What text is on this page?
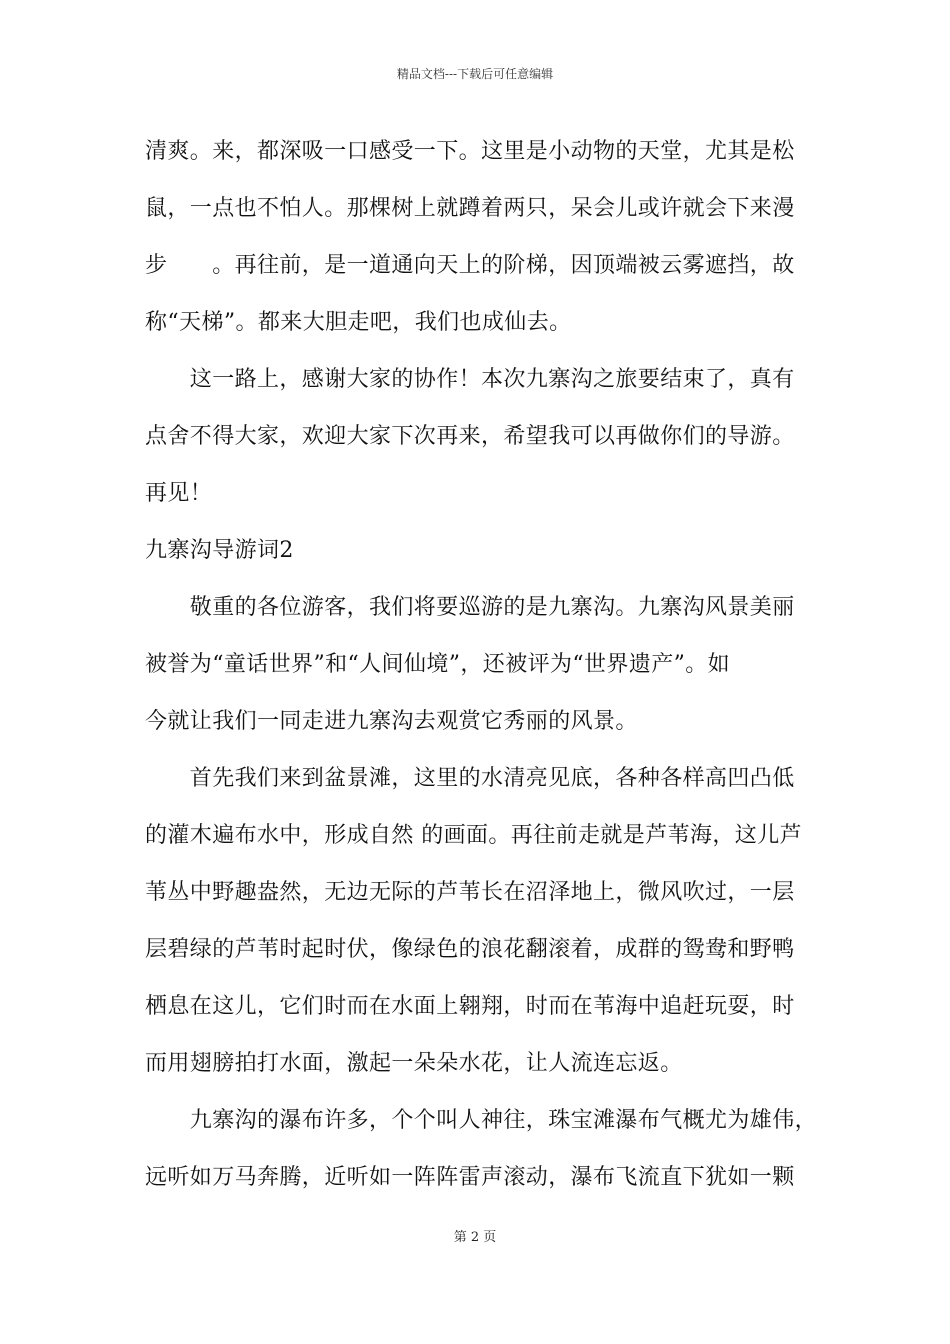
精品文档---下载后可任意编辑
清爽。来，都深吸一口感受一下。这里是小动物的天堂，尤其是松
鼠，一点也不怕人。那棵树上就蹲着两只，呆会儿或许就会下来漫
步　　。再往前，是一道通向天上的阶梯，因顶端被云雾遮挡，故
称“天梯”。都来大胆走吧，我们也成仙去。
　　这一路上，感谢大家的协作！本次九寨沟之旅要结束了，真有
点舍不得大家，欢迎大家下次再来，希望我可以再做你们的导游。
再见！
九寨沟导游词2
　　敬重的各位游客，我们将要巡游的是九寨沟。九寨沟风景美丽
被誉为“童话世界”和“人间仙境”，还被评为“世界遗产”。如
今就让我们一同走进九寨沟去观赏它秀丽的风景。
　　首先我们来到盆景滩，这里的水清亮见底，各种各样高凹凸低
的灌木遍布水中，形成自然 的画面。再往前走就是芦苇海，这儿芦
苇丛中野趣盎然，无边无际的芦苇长在沼泽地上，微风吹过，一层
层碧绿的芦苇时起时伏，像绿色的浪花翻滚着，成群的鸳鸯和野鸭
栖息在这儿，它们时而在水面上翱翔，时而在苇海中追赶玩耍，时
而用翅膀拍打水面，激起一朵朵水花，让人流连忘返。
　　九寨沟的瀑布许多，个个叫人神往，珠宝滩瀑布气概尤为雄伟，
远听如万马奔腾，近听如一阵阵雷声滚动，瀑布飞流直下犹如一颗
第 2 页
